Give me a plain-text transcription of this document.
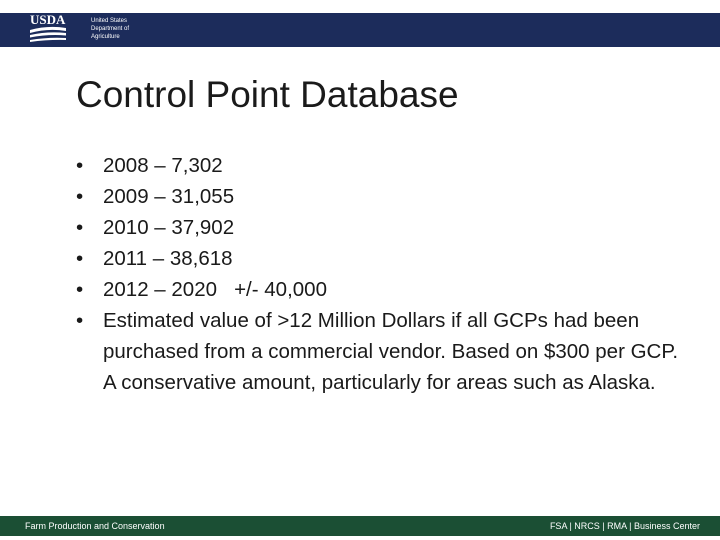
USDA	United States
Department of
Agriculture
Control Point Database
• 2008 – 7,302
• 2009 – 31,055
• 2010 – 37,902
• 2011 – 38,618
• 2012 – 2020   +/- 40,000
• Estimated value of >12 Million Dollars if all GCPs had been purchased from a commercial vendor. Based on $300 per GCP. A conservative amount, particularly for areas such as Alaska.
Farm Production and Conservation	FSA | NRCS | RMA | Business Center
